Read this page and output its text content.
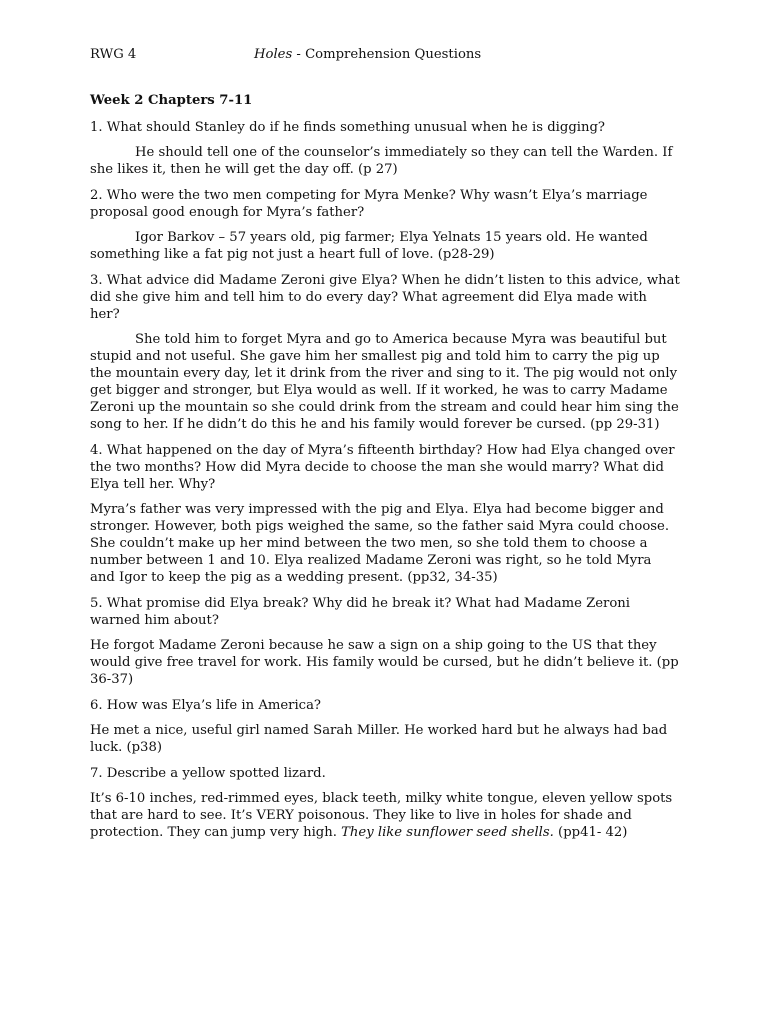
RWG 4	Holes - Comprehension Questions
Week 2 Chapters 7-11
1. What should Stanley do if he finds something unusual when he is digging?
He should tell one of the counselor’s immediately so they can tell the Warden. If she likes it, then he will get the day off. (p 27)
2. Who were the two men competing for Myra Menke? Why wasn’t Elya’s marriage proposal good enough for Myra’s father?
Igor Barkov – 57 years old, pig farmer; Elya Yelnats 15 years old. He wanted something like a fat pig not just a heart full of love. (p28-29)
3. What advice did Madame Zeroni give Elya? When he didn’t listen to this advice, what did she give him and tell him to do every day? What agreement did Elya made with her?
She told him to forget Myra and go to America because Myra was beautiful but stupid and not useful. She gave him her smallest pig and told him to carry the pig up the mountain every day, let it drink from the river and sing to it. The pig would not only get bigger and stronger, but Elya would as well. If it worked, he was to carry Madame Zeroni up the mountain so she could drink from the stream and could hear him sing the song to her. If he didn’t do this he and his family would forever be cursed. (pp 29-31)
4. What happened on the day of Myra’s fifteenth birthday? How had Elya changed over the two months? How did Myra decide to choose the man she would marry? What did Elya tell her. Why?
Myra’s father was very impressed with the pig and Elya. Elya had become bigger and stronger. However, both pigs weighed the same, so the father said Myra could choose. She couldn’t make up her mind between the two men, so she told them to choose a number between 1 and 10. Elya realized Madame Zeroni was right, so he told Myra and Igor to keep the pig as a wedding present. (pp32, 34-35)
5. What promise did Elya break? Why did he break it? What had Madame Zeroni warned him about?
He forgot Madame Zeroni because he saw a sign on a ship going to the US that they would give free travel for work. His family would be cursed, but he didn’t believe it. (pp 36-37)
6. How was Elya’s life in America?
He met a nice, useful girl named Sarah Miller. He worked hard but he always had bad luck. (p38)
7. Describe a yellow spotted lizard.
It’s 6-10 inches, red-rimmed eyes, black teeth, milky white tongue, eleven yellow spots that are hard to see. It’s VERY poisonous. They like to live in holes for shade and protection. They can jump very high. They like sunflower seed shells. (pp41- 42)
